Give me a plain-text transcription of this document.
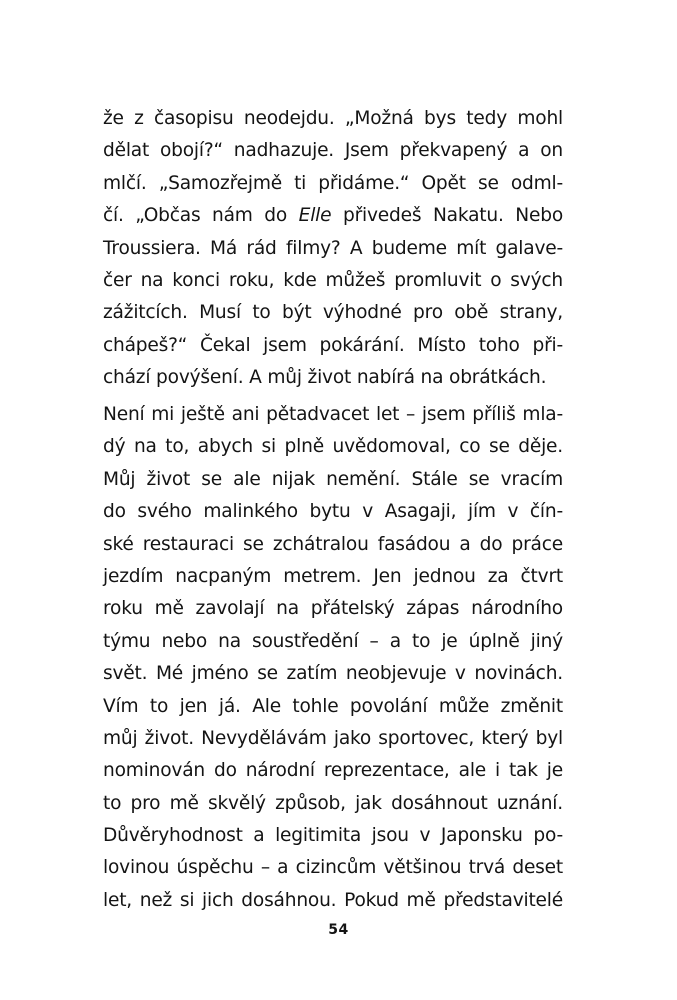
že z časopisu neodejdu. „Možná bys tedy mohl
dělat obojí?“ nadhazuje. Jsem překvapený a on
mlčí. „Samozřejmě ti přidáme.“ Opět se odml-
čí. „Občas nám do Elle přivedeš Nakatu. Nebo
Troussiera. Má rád filmy? A budeme mít galave-
čer na konci roku, kde můžeš promluvit o svých
zážitcích. Musí to být výhodné pro obě strany,
chápeš?“ Čekal jsem pokárání. Místo toho při-
chází povýšení. A můj život nabírá na obrátkách.
Není mi ještě ani pětadvacet let – jsem příliš mla-
dý na to, abych si plně uvědomoval, co se děje.
Můj život se ale nijak nemění. Stále se vracím
do svého malinkého bytu v Asagaji, jím v čín-
ské restauraci se zchátralou fasádou a do práce
jezdím nacpaným metrem. Jen jednou za čtvrt
roku mě zavolají na přátelský zápas národního
týmu nebo na soustředění – a to je úplně jiný
svět. Mé jméno se zatím neobjevuje v novinách.
Vím to jen já. Ale tohle povolání může změnit
můj život. Nevydělávám jako sportovec, který byl
nominován do národní reprezentace, ale i tak je
to pro mě skvělý způsob, jak dosáhnout uznání.
Důvěryhodnost a legitimita jsou v Japonsku po-
lovinou úspěchu – a cizincům většinou trvá deset
let, než si jich dosáhnou. Pokud mě představitelé
54
